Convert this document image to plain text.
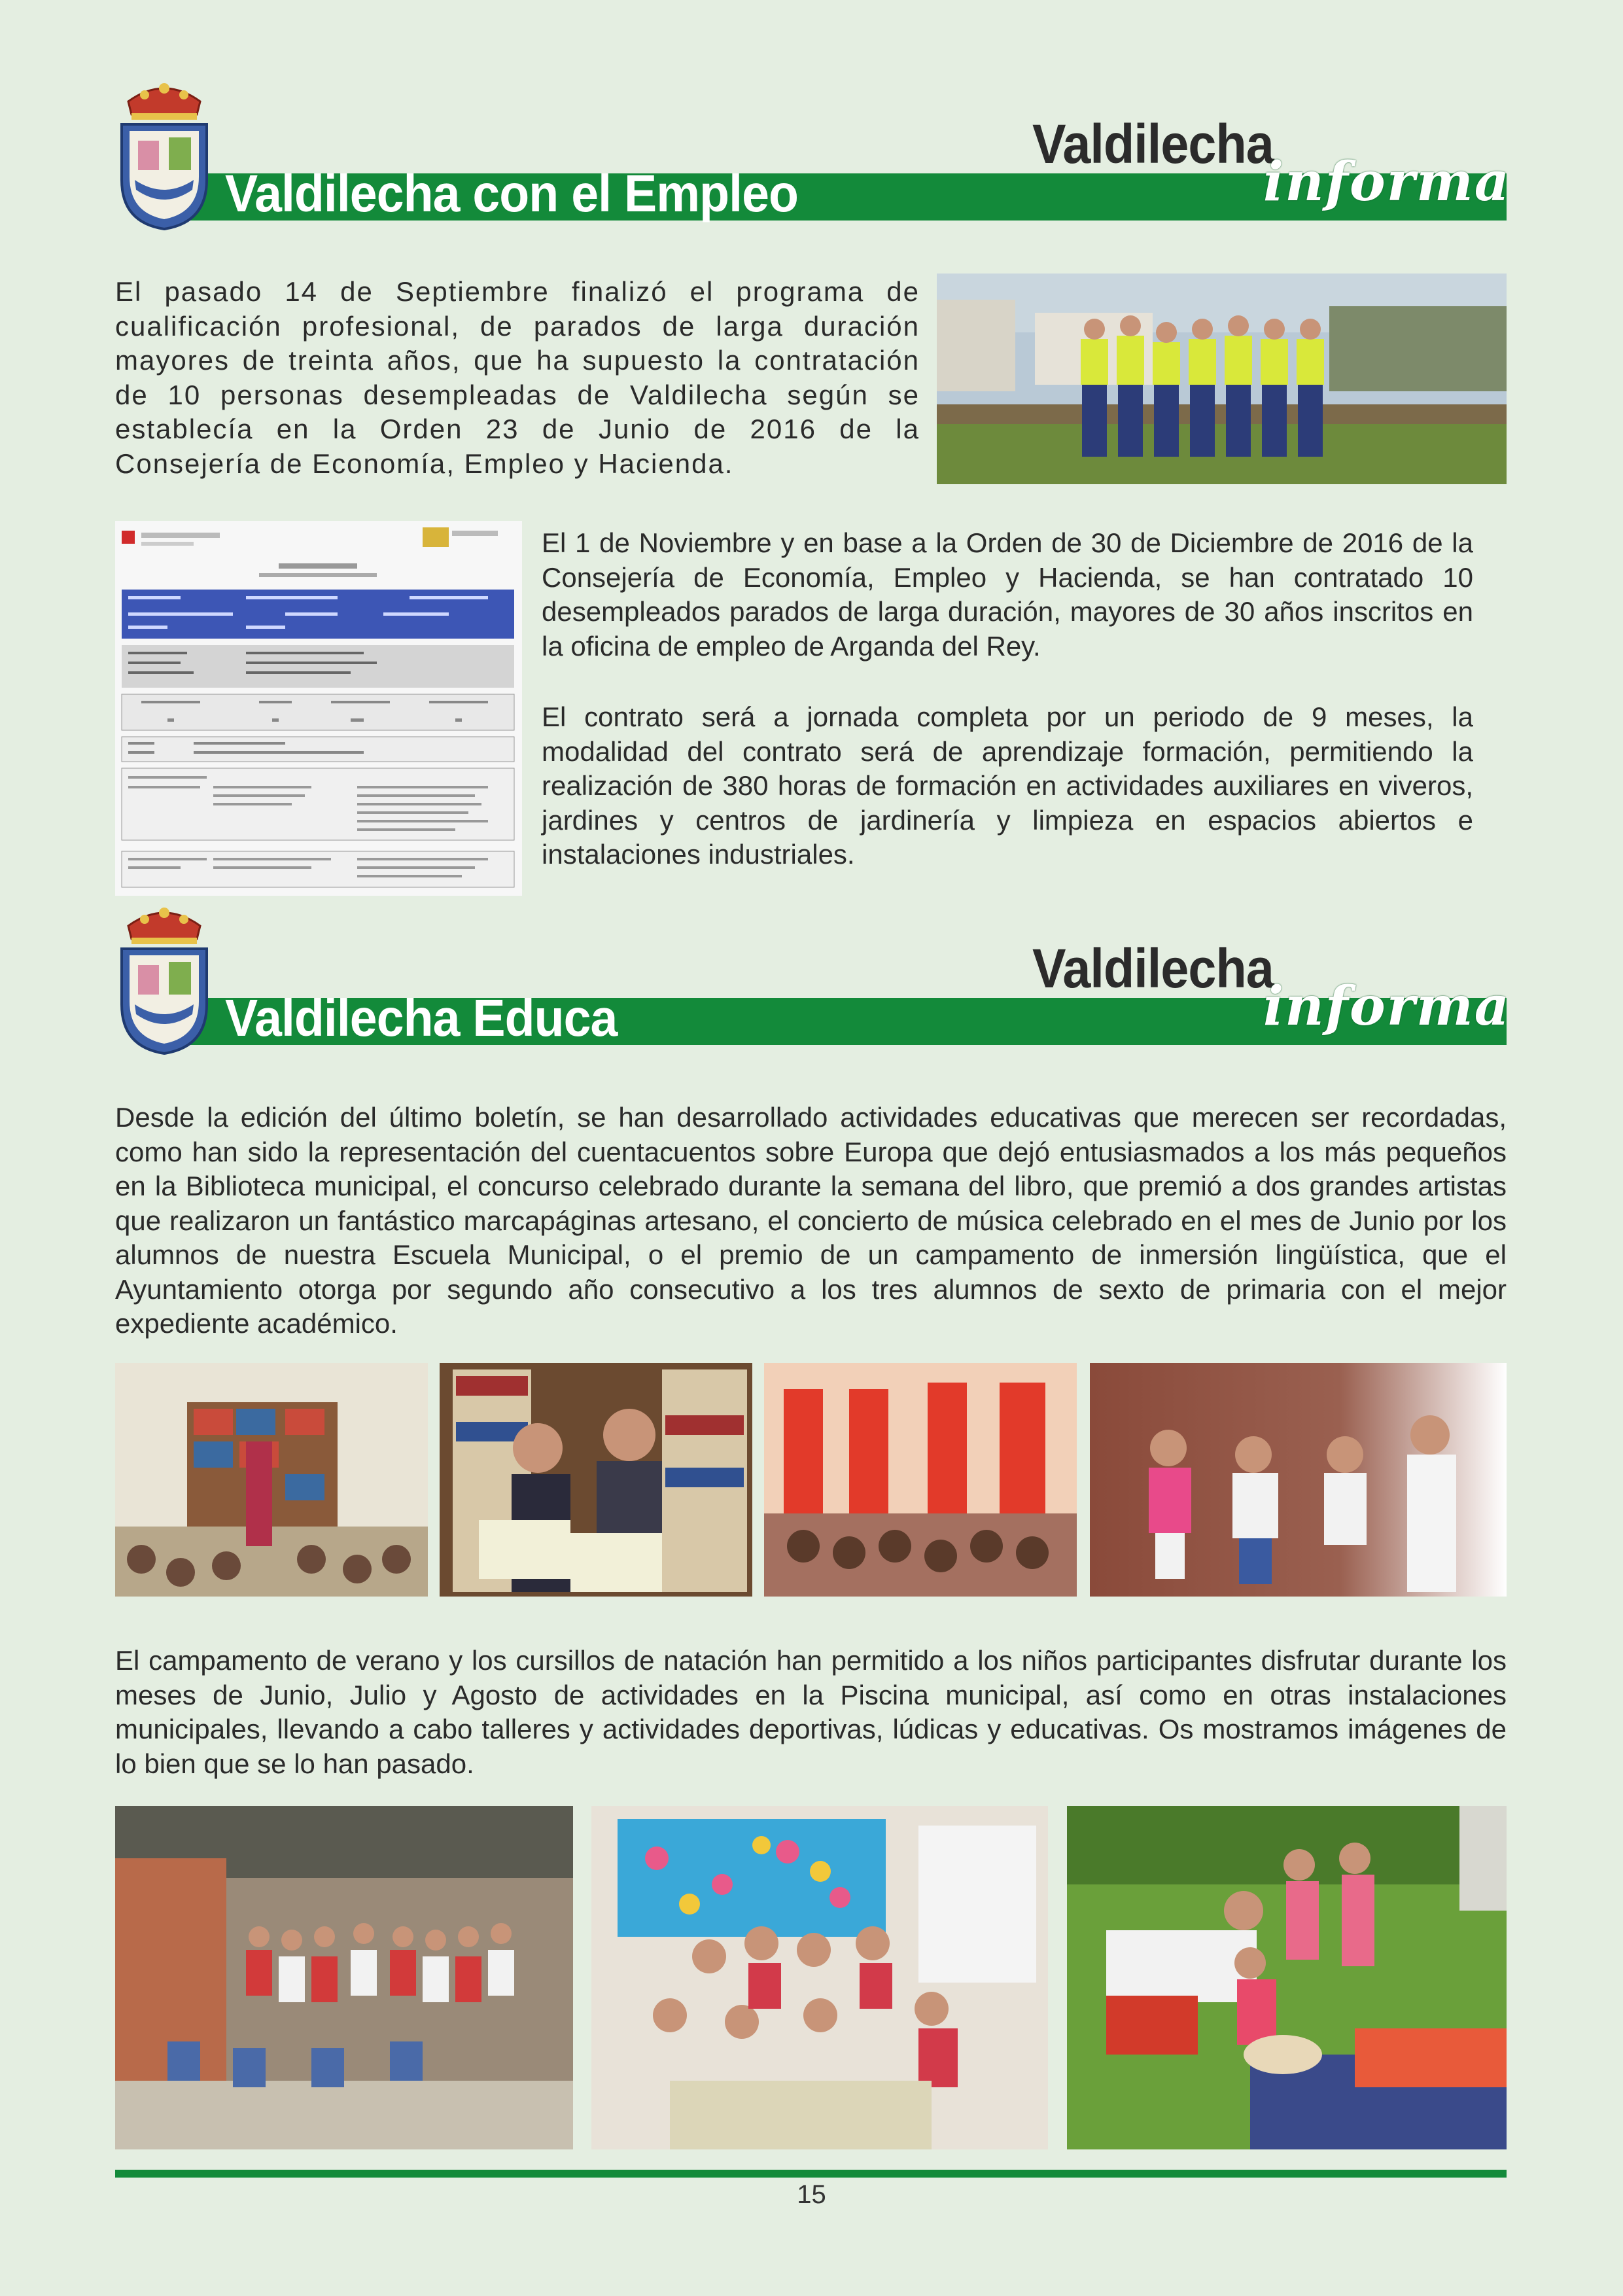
Valdilecha con el Empleo
Valdilecha
informa

El pasado 14 de Septiembre finalizó el programa de cualificación profesional, de parados de larga duración mayores de treinta años, que ha supuesto la contratación de 10 personas desempleadas de Valdilecha según se establecía en la Orden 23 de Junio de 2016 de la Consejería de Economía, Empleo y Hacienda.

El 1 de Noviembre y en base a la Orden de 30 de Diciembre de 2016 de la Consejería de Economía, Empleo y Hacienda, se han contratado 10 desempleados parados de larga duración, mayores de 30 años inscritos en la oficina de empleo de Arganda del Rey.

El contrato será a jornada completa por un periodo de 9 meses, la modalidad del contrato será de aprendizaje formación, permitiendo la realización de 380 horas de formación en actividades auxiliares en viveros, jardines y centros de jardinería y limpieza en espacios abiertos e instalaciones industriales.

Valdilecha Educa
Valdilecha
informa

Desde la edición del último boletín, se han desarrollado actividades educativas que merecen ser recordadas, como han sido la representación del cuentacuentos sobre Europa que dejó entusiasmados a los más pequeños en la Biblioteca municipal, el concurso celebrado durante la semana del libro, que premió a dos grandes artistas que realizaron un fantástico marcapáginas artesano, el concierto de música celebrado en el mes de Junio por los alumnos de nuestra Escuela Municipal, o el premio de un campamento de inmersión lingüística, que el Ayuntamiento otorga por segundo año consecutivo a los tres alumnos de sexto de primaria con el mejor expediente académico.

El campamento de verano y los cursillos de natación han permitido a los niños participantes disfrutar durante los meses de Junio, Julio y Agosto de actividades en la Piscina municipal, así como en otras instalaciones municipales, llevando a cabo talleres y actividades deportivas, lúdicas y educativas. Os mostramos imágenes de lo bien que se lo han pasado.

15
